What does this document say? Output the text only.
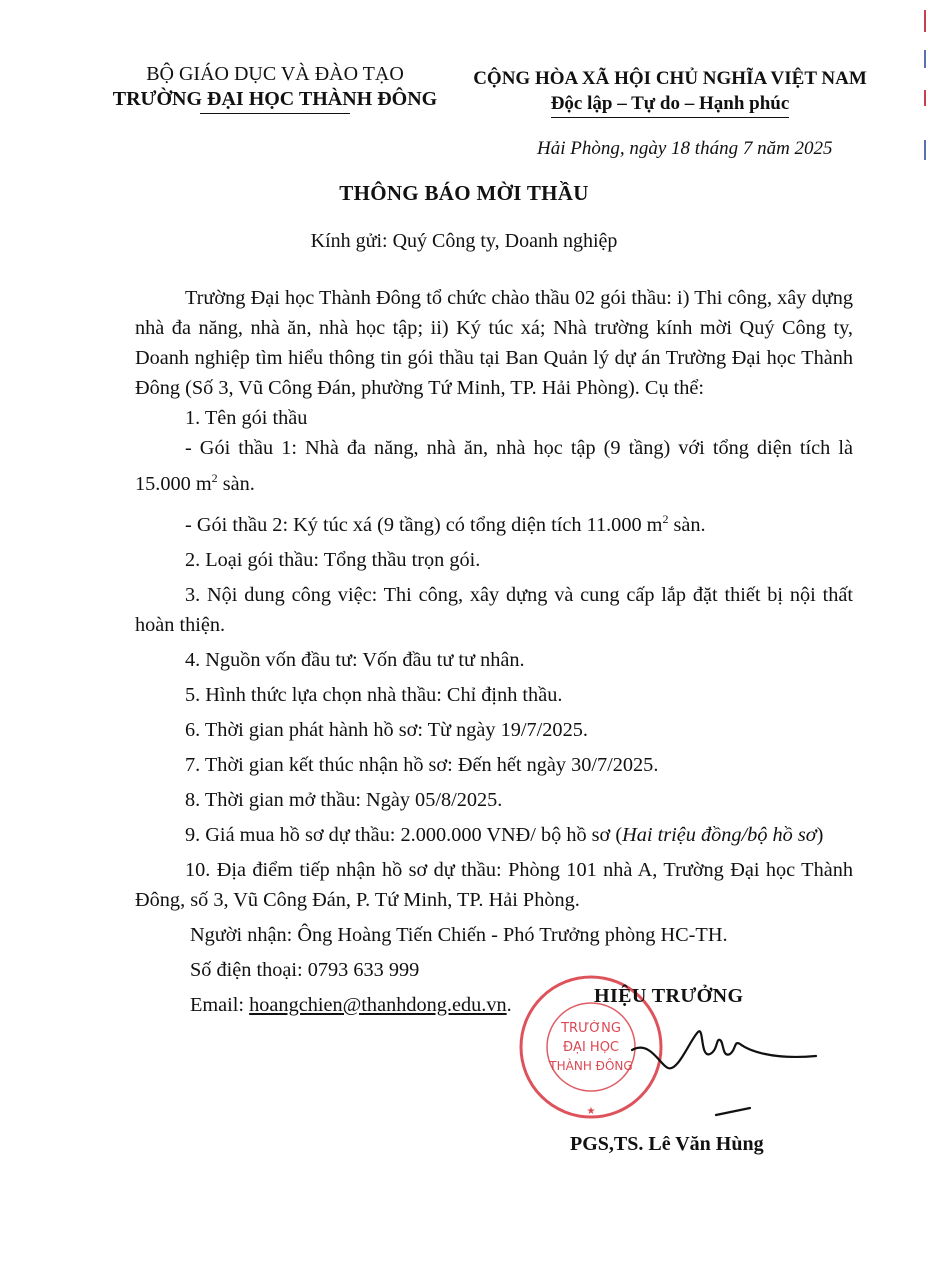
BỘ GIÁO DỤC VÀ ĐÀO TẠO
TRƯỜNG ĐẠI HỌC THÀNH ĐÔNG
CỘNG HÒA XÃ HỘI CHỦ NGHĨA VIỆT NAM
Độc lập – Tự do – Hạnh phúc
Hải Phòng, ngày 18 tháng 7 năm 2025
THÔNG BÁO MỜI THẦU
Kính gửi: Quý Công ty, Doanh nghiệp

Trường Đại học Thành Đông tổ chức chào thầu 02 gói thầu: i) Thi công, xây dựng nhà đa năng, nhà ăn, nhà học tập; ii) Ký túc xá; Nhà trường kính mời Quý Công ty, Doanh nghiệp tìm hiểu thông tin gói thầu tại Ban Quản lý dự án Trường Đại học Thành Đông (Số 3, Vũ Công Đán, phường Tứ Minh, TP. Hải Phòng). Cụ thể:

1. Tên gói thầu

- Gói thầu 1: Nhà đa năng, nhà ăn, nhà học tập (9 tầng) với tổng diện tích là 15.000 $m^2$ sàn.

- Gói thầu 2: Ký túc xá (9 tầng) có tổng diện tích 11.000 $m^2$ sàn.

2. Loại gói thầu: Tổng thầu trọn gói.

3. Nội dung công việc: Thi công, xây dựng và cung cấp lắp đặt thiết bị nội thất hoàn thiện.

4. Nguồn vốn đầu tư: Vốn đầu tư tư nhân.

5. Hình thức lựa chọn nhà thầu: Chỉ định thầu.

6. Thời gian phát hành hồ sơ: Từ ngày 19/7/2025.

7. Thời gian kết thúc nhận hồ sơ: Đến hết ngày 30/7/2025.

8. Thời gian mở thầu: Ngày 05/8/2025.

9. Giá mua hồ sơ dự thầu: 2.000.000 VNĐ/ bộ hồ sơ (Hai triệu đồng/bộ hồ sơ)

10. Địa điểm tiếp nhận hồ sơ dự thầu: Phòng 101 nhà A, Trường Đại học Thành Đông, số 3, Vũ Công Đán, P. Tứ Minh, TP. Hải Phòng.

Người nhận: Ông Hoàng Tiến Chiến - Phó Trưởng phòng HC-TH.

Số điện thoại: 0793 633 999

Email: hoangchien@thanhdong.edu.vn.

TRƯỜNG
ĐẠI HỌC
THÀNH ĐÔNG
★
HIỆU TRƯỞNG
PGS,TS. Lê Văn Hùng
